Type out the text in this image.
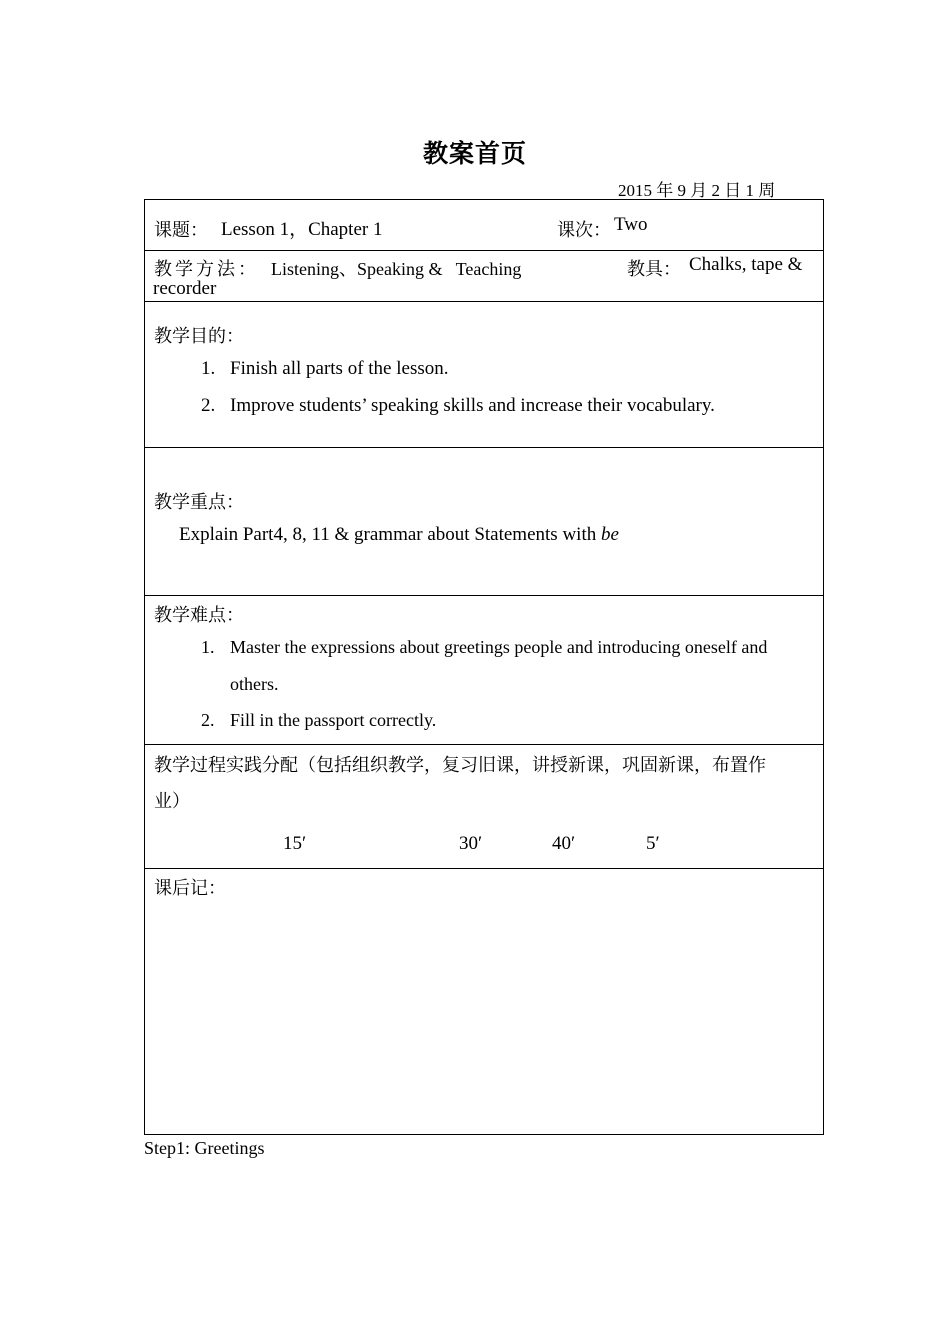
教案首页
2015 年 9 月 2 日 1 周
课题： Lesson 1，Chapter 1	课次： Two
教学方法： Listening、Speaking &   Teaching	教具： Chalks, tape &
recorder
教学目的：
1. Finish all parts of the lesson.
2. Improve students’ speaking skills and increase their vocabulary.
教学重点：
Explain Part4, 8, 11 & grammar about Statements with be
教学难点：
1. Master the expressions about greetings people and introducing oneself and
others.
2. Fill in the passport correctly.
教学过程实践分配（包括组织教学，复习旧课，讲授新课，巩固新课，布置作
业）
15′	30′	40′	5′
课后记：
Step1: Greetings
